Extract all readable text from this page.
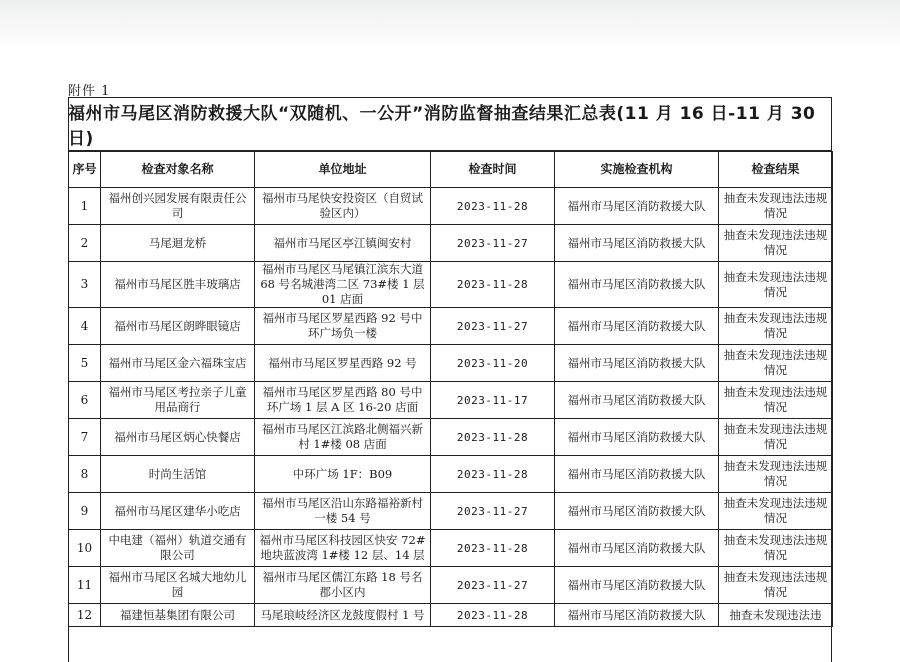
附件 1
福州市马尾区消防救援大队“双随机、一公开”消防监督抽查结果汇总表(11 月 16 日-11 月 30 日)
序号	检查对象名称	单位地址	检查时间	实施检查机构	检查结果
1	福州创兴园发展有限责任公司	福州市马尾快安投资区（自贸试验区内）	2023-11-28	福州市马尾区消防救援大队	抽查未发现违法违规情况
2	马尾迴龙桥	福州市马尾区亭江镇闽安村	2023-11-27	福州市马尾区消防救援大队	抽查未发现违法违规情况
3	福州市马尾区胜丰玻璃店	福州市马尾区马尾镇江滨东大道 68 号名城港湾二区 73#楼 1 层 01 店面	2023-11-28	福州市马尾区消防救援大队	抽查未发现违法违规情况
4	福州市马尾区朗晔眼镜店	福州市马尾区罗星西路 92 号中环广场负一楼	2023-11-27	福州市马尾区消防救援大队	抽查未发现违法违规情况
5	福州市马尾区金六福珠宝店	福州市马尾区罗星西路 92 号	2023-11-20	福州市马尾区消防救援大队	抽查未发现违法违规情况
6	福州市马尾区考拉亲子儿童用品商行	福州市马尾区罗星西路 80 号中环广场 1 层 A 区 16-20 店面	2023-11-17	福州市马尾区消防救援大队	抽查未发现违法违规情况
7	福州市马尾区炳心快餐店	福州市马尾区江滨路北侧福兴新村 1#楼 08 店面	2023-11-28	福州市马尾区消防救援大队	抽查未发现违法违规情况
8	时尚生活馆	中环广场 1F：B09	2023-11-28	福州市马尾区消防救援大队	抽查未发现违法违规情况
9	福州市马尾区建华小吃店	福州市马尾区沿山东路福裕新村一楼 54 号	2023-11-27	福州市马尾区消防救援大队	抽查未发现违法违规情况
10	中电建（福州）轨道交通有限公司	福州市马尾区科技园区快安 72#地块蓝波湾 1#楼 12 层、14 层	2023-11-28	福州市马尾区消防救援大队	抽查未发现违法违规情况
11	福州市马尾区名城大地幼儿园	福州市马尾区儒江东路 18 号名郡小区内	2023-11-27	福州市马尾区消防救援大队	抽查未发现违法违规情况
12	福建恒基集团有限公司	马尾琅岐经济区龙鼓度假村 1 号	2023-11-28	福州市马尾区消防救援大队	抽查未发现违法违
